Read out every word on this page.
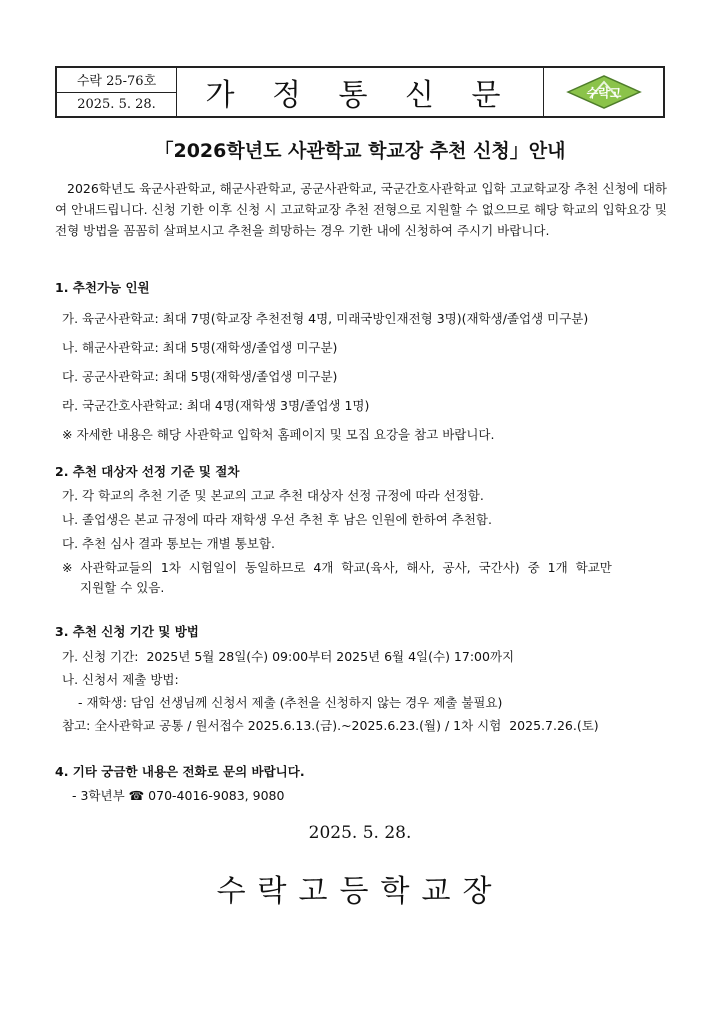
수락 25-76호
2025. 5. 28.	가 정 통 신 문	수락고
「2026학년도 사관학교 학교장 추천 신청」안내

2026학년도 육군사관학교, 해군사관학교, 공군사관학교, 국군간호사관학교 입학 고교학교장 추천 신청에 대하여 안내드립니다. 신청 기한 이후 신청 시 고교학교장 추천 전형으로 지원할 수 없으므로 해당 학교의 입학요강 및 전형 방법을 꼼꼼히 살펴보시고 추천을 희망하는 경우 기한 내에 신청하여 주시기 바랍니다.

1. 추천가능 인원
가. 육군사관학교: 최대 7명(학교장 추천전형 4명, 미래국방인재전형 3명)(재학생/졸업생 미구분)
나. 해군사관학교: 최대 5명(재학생/졸업생 미구분)
다. 공군사관학교: 최대 5명(재학생/졸업생 미구분)
라. 국군간호사관학교: 최대 4명(재학생 3명/졸업생 1명)
※ 자세한 내용은 해당 사관학교 입학처 홈페이지 및 모집 요강을 참고 바랍니다.
2. 추천 대상자 선정 기준 및 절차
가. 각 학교의 추천 기준 및 본교의 고교 추천 대상자 선정 규정에 따라 선정함.
나. 졸업생은 본교 규정에 따라 재학생 우선 추천 후 남은 인원에 한하여 추천함.
다. 추천 심사 결과 통보는 개별 통보함.
※  사관학교들의  1차  시험일이  동일하므로  4개  학교(육사,  해사,  공사,  국간사)  중  1개  학교만
지원할 수 있음.
3. 추천 신청 기간 및 방법
가. 신청 기간:  2025년 5월 28일(수) 09:00부터 2025년 6월 4일(수) 17:00까지
나. 신청서 제출 방법:
- 재학생: 담임 선생님께 신청서 제출 (추천을 신청하지 않는 경우 제출 불필요)
참고: 全사관학교 공통 / 원서접수 2025.6.13.(금).~2025.6.23.(월) / 1차 시험  2025.7.26.(토)
4. 기타 궁금한 내용은 전화로 문의 바랍니다.
- 3학년부 ☎ 070-4016-9083, 9080
2025. 5. 28.
수락고등학교장
